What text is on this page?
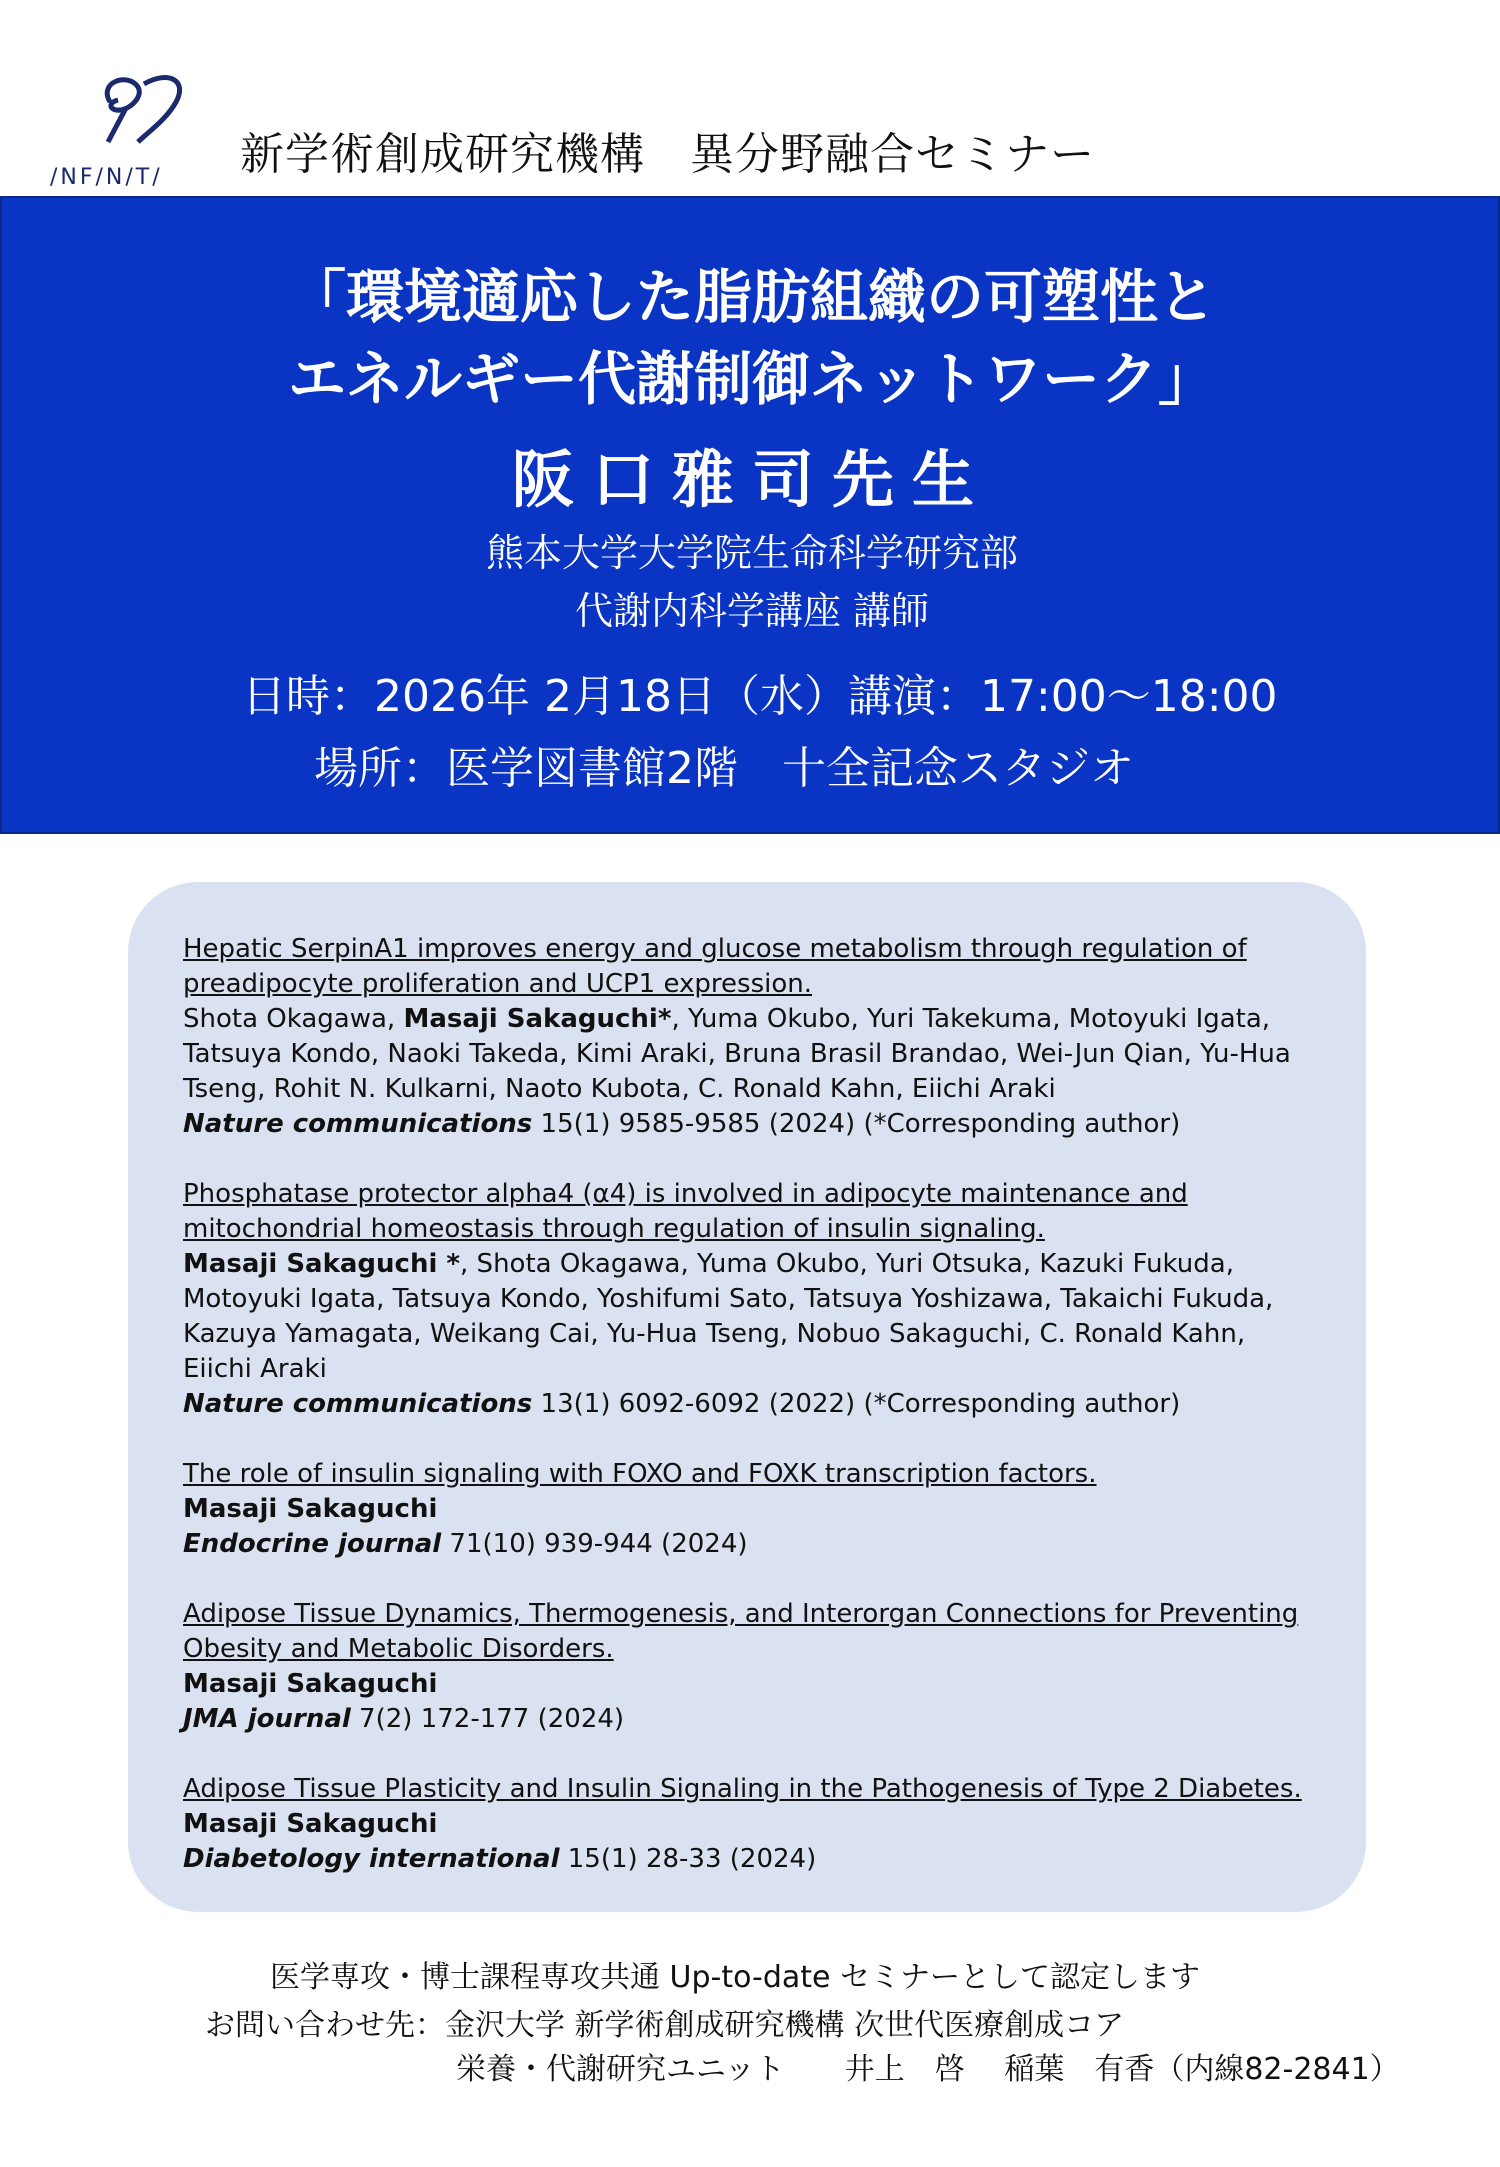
/NF/N/T/ 新学術創成研究機構　異分野融合セミナー
「環境適応した脂肪組織の可塑性と
エネルギー代謝制御ネットワーク」
阪口雅司先生
熊本大学大学院生命科学研究部
代謝内科学講座 講師
日時：2026年 2月18日（水）講演：17:00～18:00
場所：医学図書館2階　十全記念スタジオ
Hepatic SerpinA1 improves energy and glucose metabolism through regulation of preadipocyte proliferation and UCP1 expression.
Shota Okagawa, Masaji Sakaguchi*, Yuma Okubo, Yuri Takekuma, Motoyuki Igata, Tatsuya Kondo, Naoki Takeda, Kimi Araki, Bruna Brasil Brandao, Wei-Jun Qian, Yu-Hua Tseng, Rohit N. Kulkarni, Naoto Kubota, C. Ronald Kahn, Eiichi Araki
Nature communications 15(1) 9585-9585 (2024) (*Corresponding author)
Phosphatase protector alpha4 (α4) is involved in adipocyte maintenance and mitochondrial homeostasis through regulation of insulin signaling.
Masaji Sakaguchi *, Shota Okagawa, Yuma Okubo, Yuri Otsuka, Kazuki Fukuda, Motoyuki Igata, Tatsuya Kondo, Yoshifumi Sato, Tatsuya Yoshizawa, Takaichi Fukuda, Kazuya Yamagata, Weikang Cai, Yu-Hua Tseng, Nobuo Sakaguchi, C. Ronald Kahn, Eiichi Araki
Nature communications 13(1) 6092-6092 (2022) (*Corresponding author)
The role of insulin signaling with FOXO and FOXK transcription factors.
Masaji Sakaguchi
Endocrine journal 71(10) 939-944 (2024)
Adipose Tissue Dynamics, Thermogenesis, and Interorgan Connections for Preventing Obesity and Metabolic Disorders.
Masaji Sakaguchi
JMA journal 7(2) 172-177 (2024)
Adipose Tissue Plasticity and Insulin Signaling in the Pathogenesis of Type 2 Diabetes.
Masaji Sakaguchi
Diabetology international 15(1) 28-33 (2024)
医学専攻・博士課程専攻共通 Up-to-date セミナーとして認定します
お問い合わせ先：金沢大学 新学術創成研究機構 次世代医療創成コア
栄養・代謝研究ユニット　　井上　啓　 稲葉　有香（内線82-2841）
